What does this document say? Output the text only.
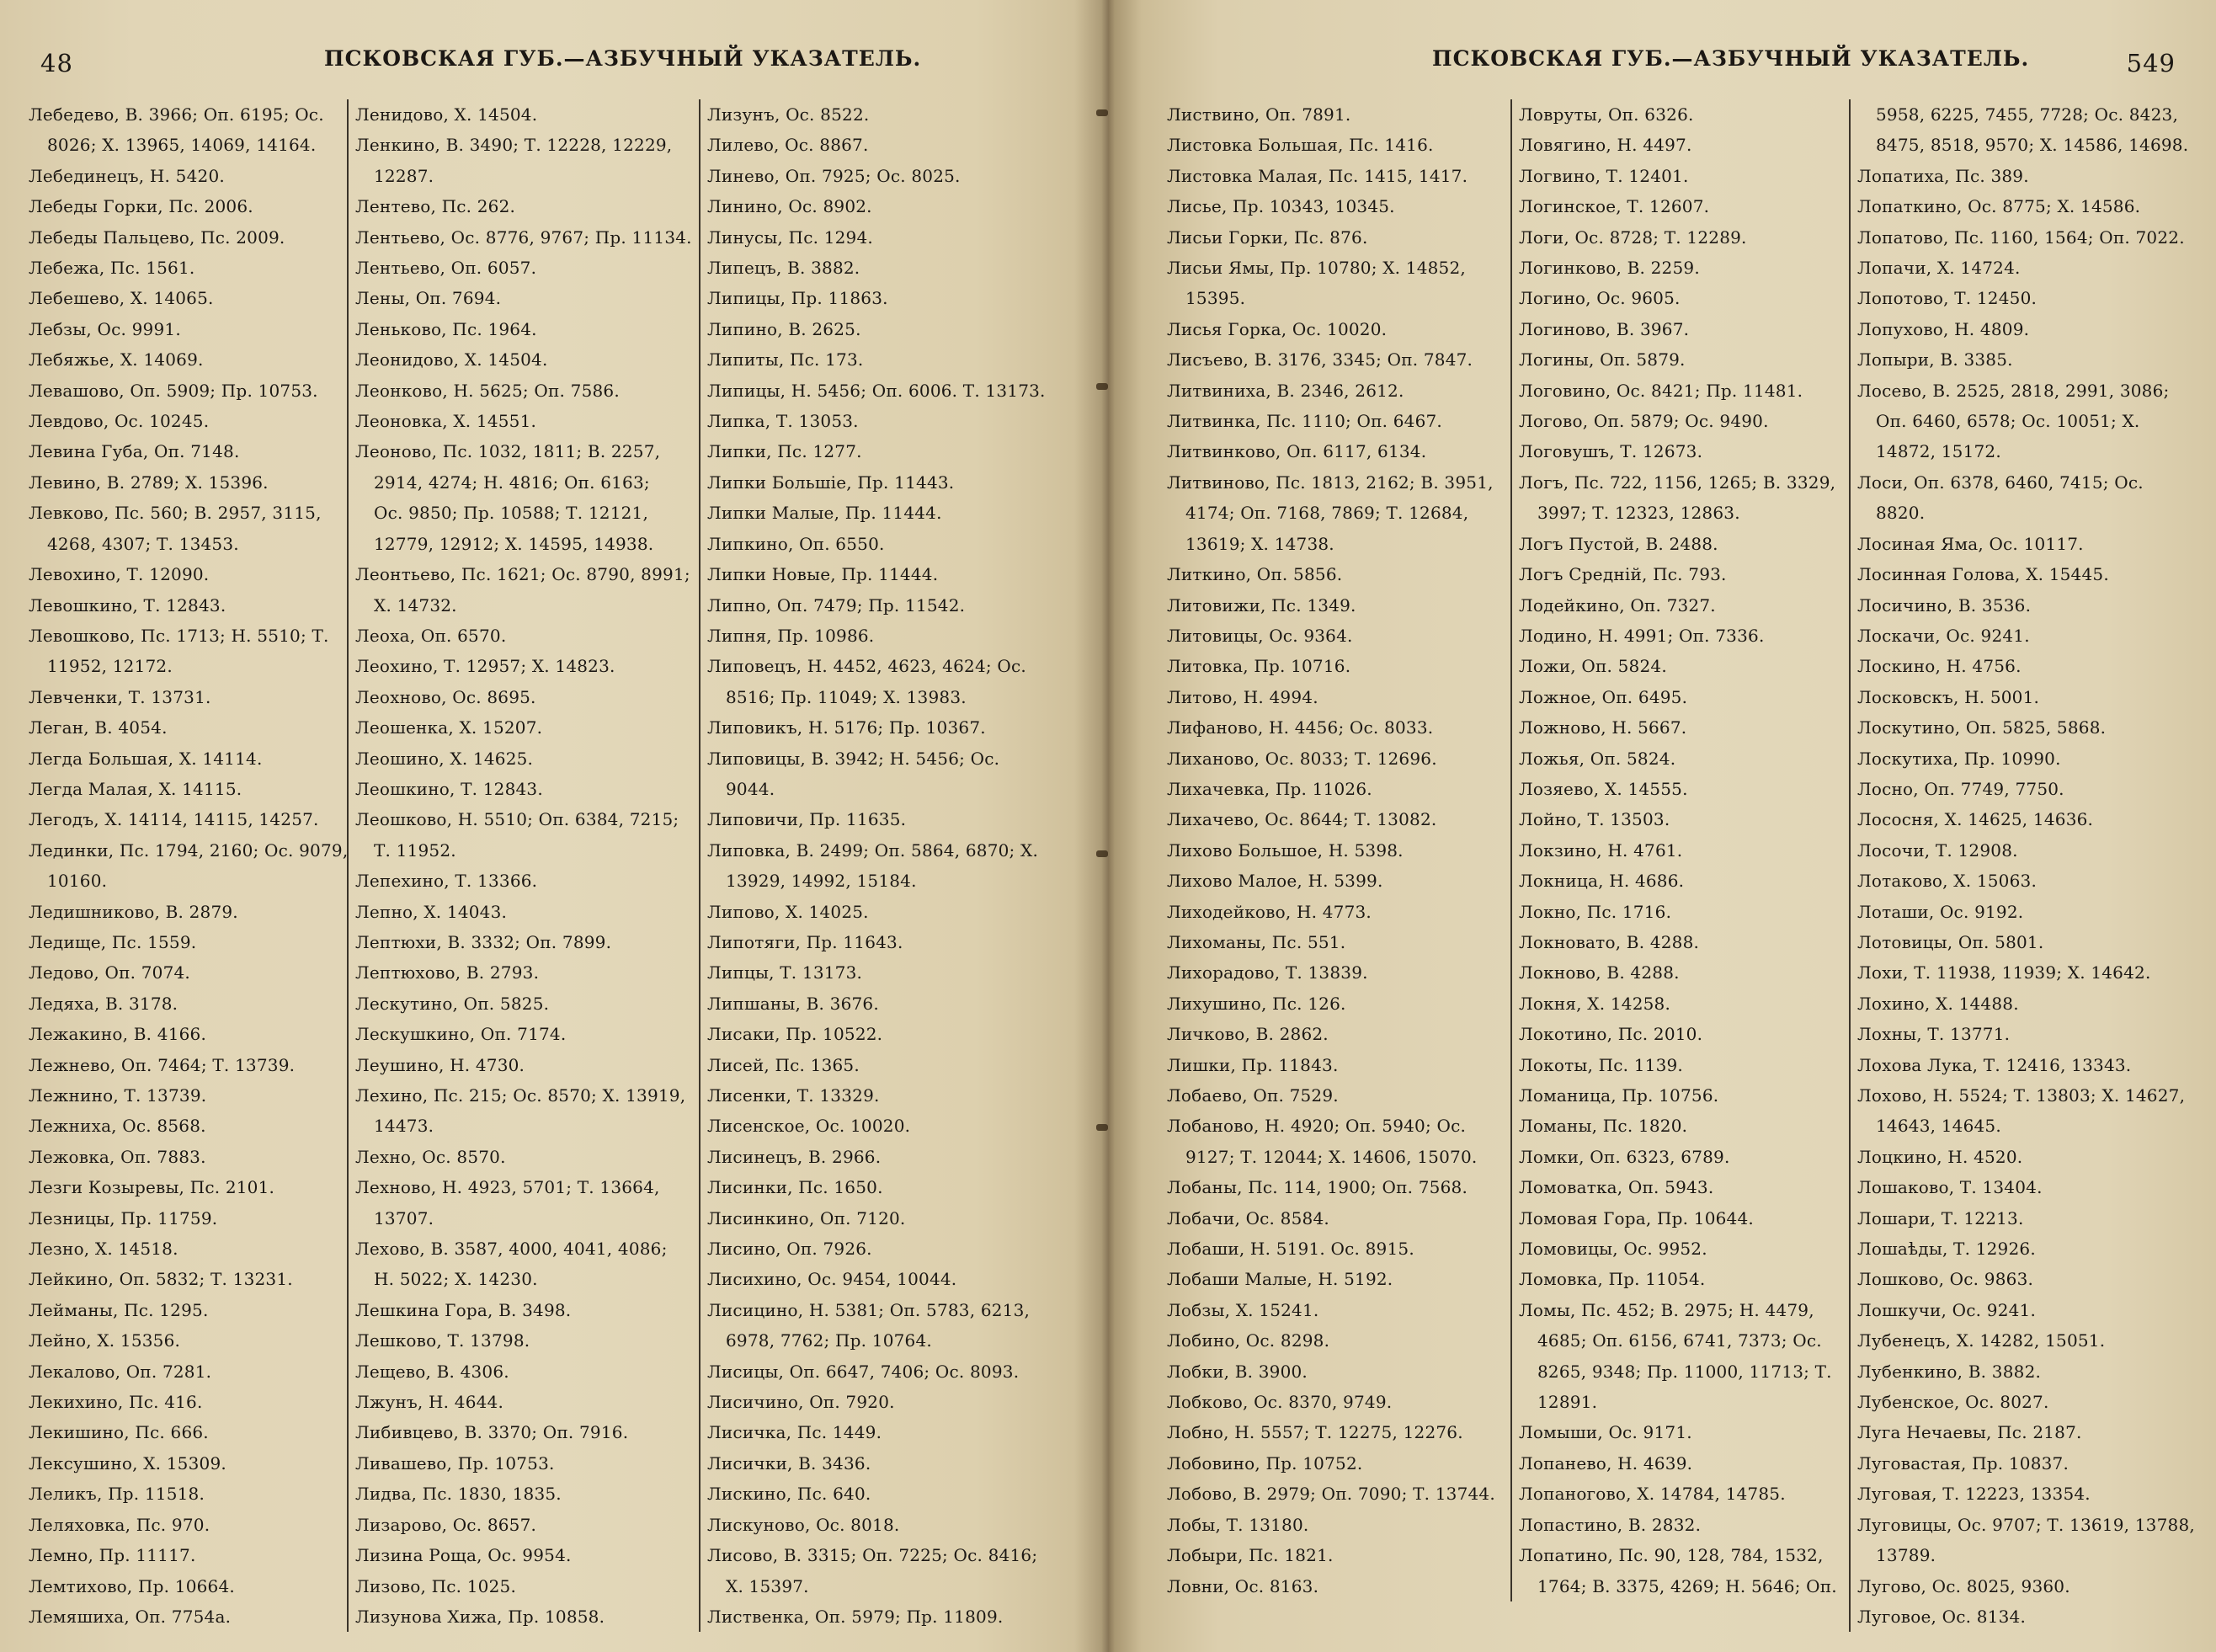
48	ПСКОВСКАЯ ГУБ.—АЗБУЧНЫЙ УКАЗАТЕЛЬ.
Лебедево, В. 3966; Оп. 6195; Ос.
8026; Х. 13965, 14069, 14164.
Лебединецъ, Н. 5420.
Лебеды Горки, Пс. 2006.
Лебеды Пальцево, Пс. 2009.
Лебежа, Пс. 1561.
Лебешево, Х. 14065.
Лебзы, Ос. 9991.
Лебяжье, Х. 14069.
Левашово, Оп. 5909; Пр. 10753.
Левдово, Ос. 10245.
Левина Губа, Оп. 7148.
Левино, В. 2789; Х. 15396.
Левково, Пс. 560; В. 2957, 3115,
4268, 4307; Т. 13453.
Левохино, Т. 12090.
Левошкино, Т. 12843.
Левошково, Пс. 1713; Н. 5510; Т.
11952, 12172.
Левченки, Т. 13731.
Леган, В. 4054.
Легда Большая, Х. 14114.
Легда Малая, Х. 14115.
Легодъ, Х. 14114, 14115, 14257.
Лединки, Пс. 1794, 2160; Ос. 9079,
10160.
Ледишниково, В. 2879.
Ледище, Пс. 1559.
Ледово, Оп. 7074.
Ледяха, В. 3178.
Лежакино, В. 4166.
Лежнево, Оп. 7464; Т. 13739.
Лежнино, Т. 13739.
Лежниха, Ос. 8568.
Лежовка, Оп. 7883.
Лезги Козыревы, Пс. 2101.
Лезницы, Пр. 11759.
Лезно, Х. 14518.
Лейкино, Оп. 5832; Т. 13231.
Лейманы, Пс. 1295.
Лейно, Х. 15356.
Лекалово, Оп. 7281.
Лекихино, Пс. 416.
Лекишино, Пс. 666.
Лексушино, Х. 15309.
Леликъ, Пр. 11518.
Леляховка, Пс. 970.
Лемно, Пр. 11117.
Лемтихово, Пр. 10664.
Лемяшиха, Оп. 7754а.
Ленидово, Х. 14504.
Ленкино, В. 3490; Т. 12228, 12229,
12287.
Лентево, Пс. 262.
Лентьево, Ос. 8776, 9767; Пр. 11134.
Лентьево, Оп. 6057.
Лены, Оп. 7694.
Леньково, Пс. 1964.
Леонидово, Х. 14504.
Леонково, Н. 5625; Оп. 7586.
Леоновка, Х. 14551.
Леоново, Пс. 1032, 1811; В. 2257,
2914, 4274; Н. 4816; Оп. 6163;
Ос. 9850; Пр. 10588; Т. 12121,
12779, 12912; Х. 14595, 14938.
Леонтьево, Пс. 1621; Ос. 8790, 8991;
Х. 14732.
Леоха, Оп. 6570.
Леохино, Т. 12957; Х. 14823.
Леохново, Ос. 8695.
Леошенка, Х. 15207.
Леошино, Х. 14625.
Леошкино, Т. 12843.
Леошково, Н. 5510; Оп. 6384, 7215;
Т. 11952.
Лепехино, Т. 13366.
Лепно, Х. 14043.
Лептюхи, В. 3332; Оп. 7899.
Лептюхово, В. 2793.
Лескутино, Оп. 5825.
Лескушкино, Оп. 7174.
Леушино, Н. 4730.
Лехино, Пс. 215; Ос. 8570; Х. 13919,
14473.
Лехно, Ос. 8570.
Лехново, Н. 4923, 5701; Т. 13664,
13707.
Лехово, В. 3587, 4000, 4041, 4086;
Н. 5022; Х. 14230.
Лешкина Гора, В. 3498.
Лешково, Т. 13798.
Лещево, В. 4306.
Лжунъ, Н. 4644.
Либивцево, В. 3370; Оп. 7916.
Ливашево, Пр. 10753.
Лидва, Пс. 1830, 1835.
Лизарово, Ос. 8657.
Лизина Роща, Ос. 9954.
Лизово, Пс. 1025.
Лизунова Хижа, Пр. 10858.
Лизунъ, Ос. 8522.
Лилево, Ос. 8867.
Линево, Оп. 7925; Ос. 8025.
Линино, Ос. 8902.
Линусы, Пс. 1294.
Липецъ, В. 3882.
Липицы, Пр. 11863.
Липино, В. 2625.
Липиты, Пс. 173.
Липицы, Н. 5456; Оп. 6006. Т. 13173.
Липка, Т. 13053.
Липки, Пс. 1277.
Липки Большіе, Пр. 11443.
Липки Малые, Пр. 11444.
Липкино, Оп. 6550.
Липки Новые, Пр. 11444.
Липно, Оп. 7479; Пр. 11542.
Липня, Пр. 10986.
Липовецъ, Н. 4452, 4623, 4624; Ос.
8516; Пр. 11049; Х. 13983.
Липовикъ, Н. 5176; Пр. 10367.
Липовицы, В. 3942; Н. 5456; Ос.
9044.
Липовичи, Пр. 11635.
Липовка, В. 2499; Оп. 5864, 6870; Х.
13929, 14992, 15184.
Липово, Х. 14025.
Липотяги, Пр. 11643.
Липцы, Т. 13173.
Липшаны, В. 3676.
Лисаки, Пр. 10522.
Лисей, Пс. 1365.
Лисенки, Т. 13329.
Лисенское, Ос. 10020.
Лисинецъ, В. 2966.
Лисинки, Пс. 1650.
Лисинкино, Оп. 7120.
Лисино, Оп. 7926.
Лисихино, Ос. 9454, 10044.
Лисицино, Н. 5381; Оп. 5783, 6213,
6978, 7762; Пр. 10764.
Лисицы, Оп. 6647, 7406; Ос. 8093.
Лисичино, Оп. 7920.
Лисичка, Пс. 1449.
Лисички, В. 3436.
Лискино, Пс. 640.
Лискуново, Ос. 8018.
Лисово, В. 3315; Оп. 7225; Ос. 8416;
Х. 15397.
Лиственка, Оп. 5979; Пр. 11809.
ПСКОВСКАЯ ГУБ.—АЗБУЧНЫЙ УКАЗАТЕЛЬ.	549
Листвино, Оп. 7891.
Листовка Большая, Пс. 1416.
Листовка Малая, Пс. 1415, 1417.
Лисье, Пр. 10343, 10345.
Лисьи Горки, Пс. 876.
Лисьи Ямы, Пр. 10780; Х. 14852,
15395.
Лисья Горка, Ос. 10020.
Лисъево, В. 3176, 3345; Оп. 7847.
Литвиниха, В. 2346, 2612.
Литвинка, Пс. 1110; Оп. 6467.
Литвинково, Оп. 6117, 6134.
Литвиново, Пс. 1813, 2162; В. 3951,
4174; Оп. 7168, 7869; Т. 12684,
13619; Х. 14738.
Литкино, Оп. 5856.
Литовижи, Пс. 1349.
Литовицы, Ос. 9364.
Литовка, Пр. 10716.
Литово, Н. 4994.
Лифаново, Н. 4456; Ос. 8033.
Лиханово, Ос. 8033; Т. 12696.
Лихачевка, Пр. 11026.
Лихачево, Ос. 8644; Т. 13082.
Лихово Большое, Н. 5398.
Лихово Малое, Н. 5399.
Лиходейково, Н. 4773.
Лихоманы, Пс. 551.
Лихорадово, Т. 13839.
Лихушино, Пс. 126.
Личково, В. 2862.
Лишки, Пр. 11843.
Лобаево, Оп. 7529.
Лобаново, Н. 4920; Оп. 5940; Ос.
9127; Т. 12044; Х. 14606, 15070.
Лобаны, Пс. 114, 1900; Оп. 7568.
Лобачи, Ос. 8584.
Лобаши, Н. 5191. Ос. 8915.
Лобаши Малые, Н. 5192.
Лобзы, Х. 15241.
Лобино, Ос. 8298.
Лобки, В. 3900.
Лобково, Ос. 8370, 9749.
Лобно, Н. 5557; Т. 12275, 12276.
Лобовино, Пр. 10752.
Лобово, В. 2979; Оп. 7090; Т. 13744.
Лобы, Т. 13180.
Лобыри, Пс. 1821.
Ловни, Ос. 8163.
Ловруты, Оп. 6326.
Ловягино, Н. 4497.
Логвино, Т. 12401.
Логинское, Т. 12607.
Логи, Ос. 8728; Т. 12289.
Логинково, В. 2259.
Логино, Ос. 9605.
Логиново, В. 3967.
Логины, Оп. 5879.
Логовино, Ос. 8421; Пр. 11481.
Логово, Оп. 5879; Ос. 9490.
Логовушъ, Т. 12673.
Логъ, Пс. 722, 1156, 1265; В. 3329,
3997; Т. 12323, 12863.
Логъ Пустой, В. 2488.
Логъ Средній, Пс. 793.
Лодейкино, Оп. 7327.
Лодино, Н. 4991; Оп. 7336.
Ложи, Оп. 5824.
Ложное, Оп. 6495.
Ложново, Н. 5667.
Ложья, Оп. 5824.
Лозяево, Х. 14555.
Лойно, Т. 13503.
Локзино, Н. 4761.
Локница, Н. 4686.
Локно, Пс. 1716.
Локновато, В. 4288.
Локново, В. 4288.
Локня, Х. 14258.
Локотино, Пс. 2010.
Локоты, Пс. 1139.
Ломаница, Пр. 10756.
Ломаны, Пс. 1820.
Ломки, Оп. 6323, 6789.
Ломоватка, Оп. 5943.
Ломовая Гора, Пр. 10644.
Ломовицы, Ос. 9952.
Ломовка, Пр. 11054.
Ломы, Пс. 452; В. 2975; Н. 4479,
4685; Оп. 6156, 6741, 7373; Ос.
8265, 9348; Пр. 11000, 11713; Т.
12891.
Ломыши, Ос. 9171.
Лопанево, Н. 4639.
Лопаногово, Х. 14784, 14785.
Лопастино, В. 2832.
Лопатино, Пс. 90, 128, 784, 1532,
1764; В. 3375, 4269; Н. 5646; Оп.
5958, 6225, 7455, 7728; Ос. 8423,
8475, 8518, 9570; Х. 14586, 14698.
Лопатиха, Пс. 389.
Лопаткино, Ос. 8775; Х. 14586.
Лопатово, Пс. 1160, 1564; Оп. 7022.
Лопачи, Х. 14724.
Лопотово, Т. 12450.
Лопухово, Н. 4809.
Лопыри, В. 3385.
Лосево, В. 2525, 2818, 2991, 3086;
Оп. 6460, 6578; Ос. 10051; Х.
14872, 15172.
Лоси, Оп. 6378, 6460, 7415; Ос.
8820.
Лосиная Яма, Ос. 10117.
Лосинная Голова, Х. 15445.
Лосичино, В. 3536.
Лоскачи, Ос. 9241.
Лоскино, Н. 4756.
Лосковскъ, Н. 5001.
Лоскутино, Оп. 5825, 5868.
Лоскутиха, Пр. 10990.
Лосно, Оп. 7749, 7750.
Лососня, Х. 14625, 14636.
Лосочи, Т. 12908.
Лотаково, Х. 15063.
Лоташи, Ос. 9192.
Лотовицы, Оп. 5801.
Лохи, Т. 11938, 11939; Х. 14642.
Лохино, Х. 14488.
Лохны, Т. 13771.
Лохова Лука, Т. 12416, 13343.
Лохово, Н. 5524; Т. 13803; Х. 14627,
14643, 14645.
Лоцкино, Н. 4520.
Лошаково, Т. 13404.
Лошари, Т. 12213.
Лошаѣды, Т. 12926.
Лошково, Ос. 9863.
Лошкучи, Ос. 9241.
Лубенецъ, Х. 14282, 15051.
Лубенкино, В. 3882.
Лубенское, Ос. 8027.
Луга Нечаевы, Пс. 2187.
Луговастая, Пр. 10837.
Луговая, Т. 12223, 13354.
Луговицы, Ос. 9707; Т. 13619, 13788,
13789.
Лугово, Ос. 8025, 9360.
Луговое, Ос. 8134.
